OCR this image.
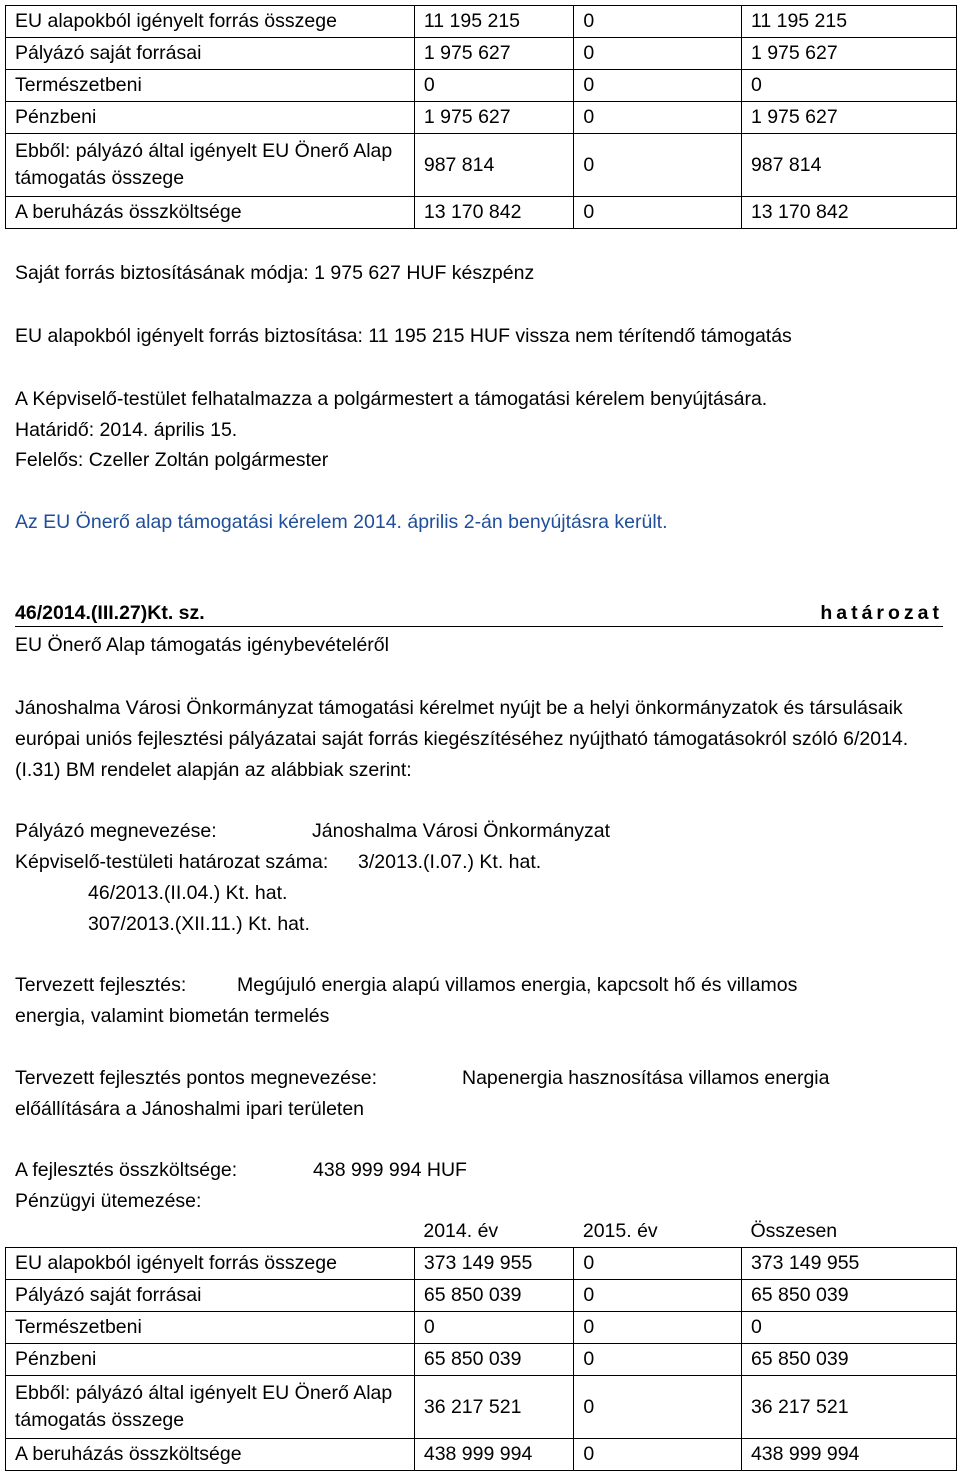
EU alapokból igényelt forrás összege	11 195 215	0	11 195 215
Pályázó saját forrásai	1 975 627	0	1 975 627
Természetbeni	0	0	0
Pénzbeni	1 975 627	0	1 975 627
Ebből: pályázó által igényelt EU Önerő Alap támogatás összege	987 814	0	987 814
A beruházás összköltsége	13 170 842	0	13 170 842
Saját forrás biztosításának módja: 1 975 627 HUF készpénz
EU alapokból igényelt forrás biztosítása: 11 195 215 HUF vissza nem térítendő támogatás
A Képviselő-testület felhatalmazza a polgármestert a támogatási kérelem benyújtására.
Határidő: 2014. április 15.
Felelős: Czeller Zoltán polgármester
Az EU Önerő alap támogatási kérelem 2014. április 2-án benyújtásra került.
46/2014.(III.27)Kt. sz.	határozat
EU Önerő Alap támogatás igénybevételéről
Jánoshalma Városi Önkormányzat támogatási kérelmet nyújt be a helyi önkormányzatok és társulásaik európai uniós fejlesztési pályázatai saját forrás kiegészítéséhez nyújtható támogatásokról szóló 6/2014. (I.31) BM rendelet alapján az alábbiak szerint:
Pályázó megnevezése:	Jánoshalma Városi Önkormányzat
Képviselő-testületi határozat száma: 3/2013.(I.07.) Kt. hat.
46/2013.(II.04.) Kt. hat.
307/2013.(XII.11.) Kt. hat.
Tervezett fejlesztés:	Megújuló energia alapú villamos energia, kapcsolt hő és villamos
energia, valamint biometán termelés
Tervezett fejlesztés pontos megnevezése:	Napenergia hasznosítása villamos energia
előállítására a Jánoshalmi ipari területen
A fejlesztés összköltsége:	438 999 994 HUF
Pénzügyi ütemezése:
	2014. év	2015. év	Összesen
EU alapokból igényelt forrás összege	373 149 955	0	373 149 955
Pályázó saját forrásai	65 850 039	0	65 850 039
Természetbeni	0	0	0
Pénzbeni	65 850 039	0	65 850 039
Ebből: pályázó által igényelt EU Önerő Alap támogatás összege	36 217 521	0	36 217 521
A beruházás összköltsége	438 999 994	0	438 999 994
